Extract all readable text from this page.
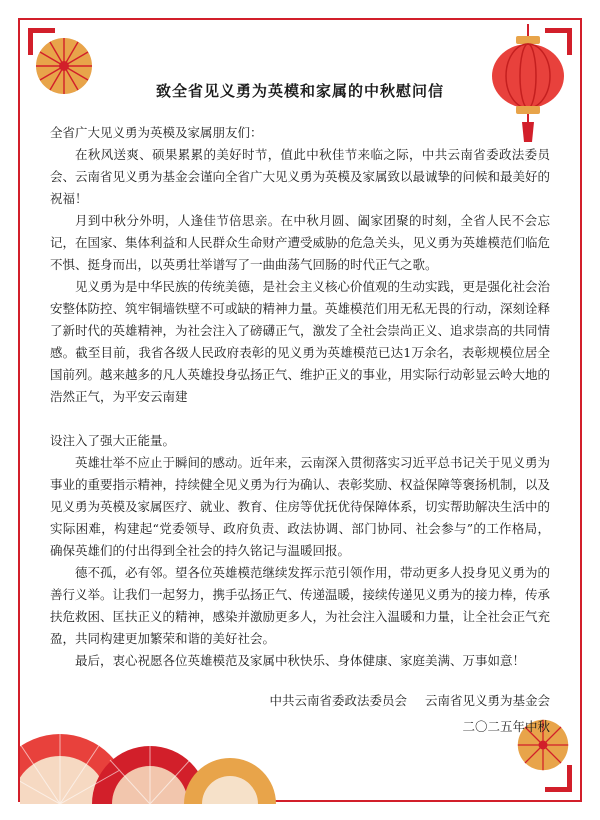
致全省见义勇为英模和家属的中秋慰问信

全省广大见义勇为英模及家属朋友们：

在秋风送爽、硕果累累的美好时节，值此中秋佳节来临之际，中共云南省委政法委员会、云南省见义勇为基金会谨向全省广大见义勇为英模及家属致以最诚挚的问候和最美好的祝福！

月到中秋分外明，人逢佳节倍思亲。在中秋月圆、阖家团聚的时刻，全省人民不会忘记，在国家、集体利益和人民群众生命财产遭受威胁的危急关头，见义勇为英雄模范们临危不惧、挺身而出，以英勇壮举谱写了一曲曲荡气回肠的时代正气之歌。

见义勇为是中华民族的传统美德，是社会主义核心价值观的生动实践，更是强化社会治安整体防控、筑牢铜墙铁壁不可或缺的精神力量。英雄模范们用无私无畏的行动，深刻诠释了新时代的英雄精神，为社会注入了磅礴正气，激发了全社会崇尚正义、追求崇高的共同情感。截至目前，我省各级人民政府表彰的见义勇为英雄模范已达1万余名，表彰规模位居全国前列。越来越多的凡人英雄投身弘扬正气、维护正义的事业，用实际行动彰显云岭大地的浩然正气，为平安云南建

设注入了强大正能量。

英雄壮举不应止于瞬间的感动。近年来，云南深入贯彻落实习近平总书记关于见义勇为事业的重要指示精神，持续健全见义勇为行为确认、表彰奖励、权益保障等褒扬机制，以及见义勇为英模及家属医疗、就业、教育、住房等优抚优待保障体系，切实帮助解决生活中的实际困难，构建起“党委领导、政府负责、政法协调、部门协同、社会参与”的工作格局，确保英雄们的付出得到全社会的持久铭记与温暖回报。

德不孤，必有邻。望各位英雄模范继续发挥示范引领作用，带动更多人投身见义勇为的善行义举。让我们一起努力，携手弘扬正气、传递温暖，接续传递见义勇为的接力棒，传承扶危救困、匡扶正义的精神，感染并激励更多人，为社会注入温暖和力量，让全社会正气充盈，共同构建更加繁荣和谐的美好社会。

最后，衷心祝愿各位英雄模范及家属中秋快乐、身体健康、家庭美满、万事如意！

中共云南省委政法委员会 云南省见义勇为基金会
二〇二五年中秋
